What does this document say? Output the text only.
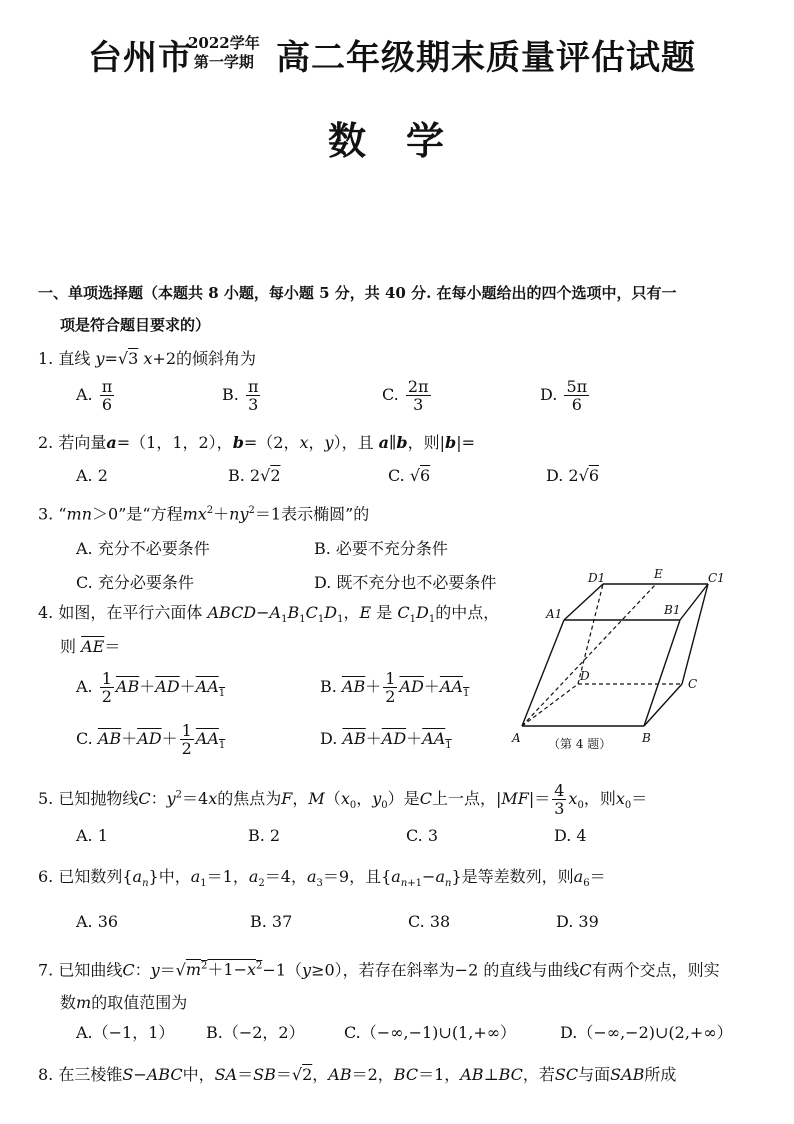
台州市
2022学年
第一学期 高二年级期末质量评估试题
数学
一、单项选择题（本题共 8 小题，每小题 5 分，共 40 分. 在每小题给出的四个选项中，只有一
项是符合题目要求的）
1. 直线 y=√3 x+2的倾斜角为
A. $\frac{\pi}{6}$	B. $\frac{\pi}{3}$	C. $\frac{2\pi}{3}$	D. $\frac{5\pi}{6}$
2. 若向量a=（1，1，2），b=（2，x，y），且 a∥b，则|b|=
A. 2	B. 2√2	C. √6	D. 2√6
3. “mn＞0”是“方程$mx^2+ny^2=1$表示椭圆”的
A. 充分不必要条件	B. 必要不充分条件
C. 充分必要条件	D. 既不充分也不必要条件
4. 如图，在平行六面体 $ABCD-A_1B_1C_1D_1$，E 是 $C_1D_1$的中点，
则 $\overline{AE}=$
A. $\frac{1}{2} \overline{AB}+\overline{AD}+AA_1$	B. $\overline{AB}+ \frac{1}{2} \overline{AD}+AA_1$
C. $\overline{AB}+\overline{AD}+ \frac{1}{2} AA_1$	D. $\overline{AB}+\overline{AD}+AA_1$
D1	E	C1
A1	B1
D
C
A	B
（第 4 题）
5. 已知抛物线C：$y^2=4x$的焦点为F，$M(x_0$，$y_0$）是C上一点，$|MF|= \frac{4}{3} x_0$，则$x_0=$
A. 1	B. 2	C. 3	D. 4
6. 已知数列$\{a_n\}$中，$a_1=1$，$a_2=4$，$a_3=9$，且$\{a_{n+1}-a_n\}$是等差数列，则$a_6=$
A. 36	B. 37	C. 38	D. 39
7. 已知曲线C：$y=√m^2+1-x^2-1(y\ge 0)$，若存在斜率为−2 的直线与曲线C有两个交点，则实
数m的取值范围为
A.（−1，1） B.（−2，2） C.（−∞,−1)∪(1,+∞）	D.（−∞,−2)∪(2,+∞）
8. 在三棱锥S−ABC中，SA＝SB＝√2，AB＝2，BC＝1，AB⊥BC，若SC与面SAB所成
